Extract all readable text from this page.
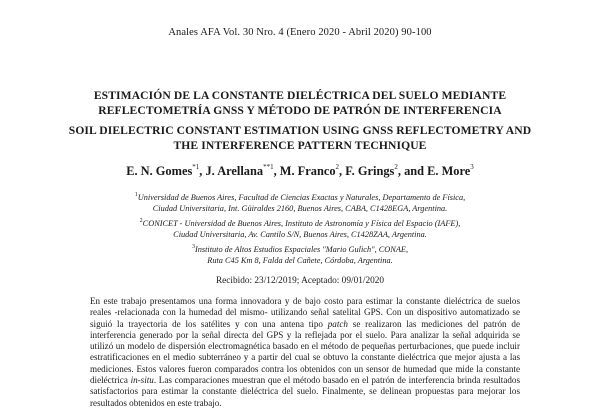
Anales AFA Vol. 30 Nro. 4 (Enero 2020 - Abril 2020) 90-100
ESTIMACIÓN DE LA CONSTANTE DIELÉCTRICA DEL SUELO MEDIANTE
REFLECTOMETRÍA GNSS Y MÉTODO DE PATRÓN DE INTERFERENCIA
SOIL DIELECTRIC CONSTANT ESTIMATION USING GNSS REFLECTOMETRY AND
THE INTERFERENCE PATTERN TECHNIQUE
E. N. Gomes$^{*1}$, J. Arellana$^{**1}$, M. Franco$^2$, F. Grings$^2$, and E. More$^3$
$^1$Universidad de Buenos Aires, Facultad de Ciencias Exactas y Naturales, Departamento de Física,
Ciudad Universitaria, Int. Güiraldes 2160, Buenos Aires, CABA, C1428EGA, Argentina.
$^2$CONICET - Universidad de Buenos Aires, Instituto de Astronomía y Física del Espacio (IAFE),
Ciudad Universitaria, Av. Cantilo S/N, Buenos Aires, C1428ZAA, Argentina.
$^3$Instituto de Altos Estudios Espaciales "Mario Gulich", CONAE,
Ruta C45 Km 8, Falda del Cañete, Córdoba, Argentina.
Recibido: 23/12/2019; Aceptado: 09/01/2020

En este trabajo presentamos una forma innovadora y de bajo costo para estimar la constante dieléctrica de suelos reales -relacionada con la humedad del mismo- utilizando señal satelital GPS. Con un dispositivo automatizado se siguió la trayectoria de los satélites y con una antena tipo patch se realizaron las mediciones del patrón de interferencia generado por la señal directa del GPS y la reflejada por el suelo. Para analizar la señal adquirida se utilizó un modelo de dispersión electromagnética basado en el método de pequeñas perturbaciones, que puede incluir estratificaciones en el medio subterráneo y a partir del cual se obtuvo la constante dieléctrica que mejor ajusta a las mediciones. Estos valores fueron comparados contra los obtenidos con un sensor de humedad que mide la constante dieléctrica in-situ. Las comparaciones muestran que el método basado en el patrón de interferencia brinda resultados satisfactorios para estimar la constante dieléctrica del suelo. Finalmente, se delinean propuestas para mejorar los resultados obtenidos en este trabajo.
